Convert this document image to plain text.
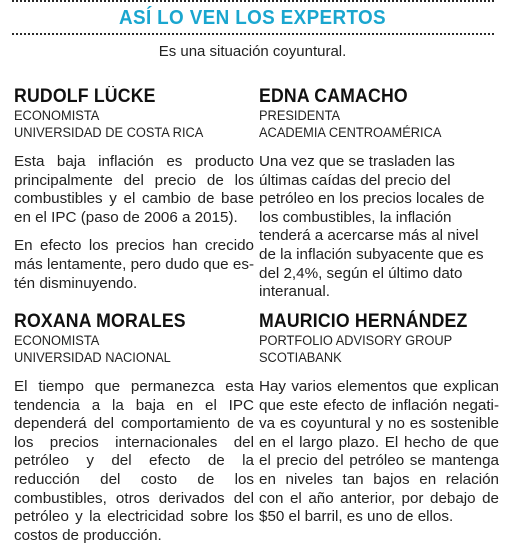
ASÍ LO VEN LOS EXPERTOS
Es una situación coyuntural.
RUDOLF LÜCKE
ECONOMISTA
UNIVERSIDAD DE COSTA RICA
Esta baja inflación es producto principalmente del precio de los combustibles y el cambio de base en el IPC (paso de 2006 a 2015).
En efecto los precios han crecido más lentamente, pero dudo que estén disminuyendo.
EDNA CAMACHO
PRESIDENTA
ACADEMIA CENTROAMÉRICA
Una vez que se trasladen las últimas caídas del precio del petróleo en los precios locales de los combustibles, la inflación tenderá a acercarse más al nivel de la inflación subyacente que es del 2,4%, según el último dato interanual.
ROXANA MORALES
ECONOMISTA
UNIVERSIDAD NACIONAL
El tiempo que permanezca esta tendencia a la baja en el IPC dependerá del comportamiento de los precios internacionales del petróleo y del efecto de la reducción del costo de los combustibles, otros derivados del petróleo y la electricidad sobre los costos de producción.
MAURICIO HERNÁNDEZ
PORTFOLIO ADVISORY GROUP
SCOTIABANK
Hay varios elementos que explican que este efecto de inflación negativa es coyuntural y no es sostenible en el largo plazo. El hecho de que el precio del petróleo se mantenga en niveles tan bajos en relación con el año anterior, por debajo de $50 el barril, es uno de ellos.
